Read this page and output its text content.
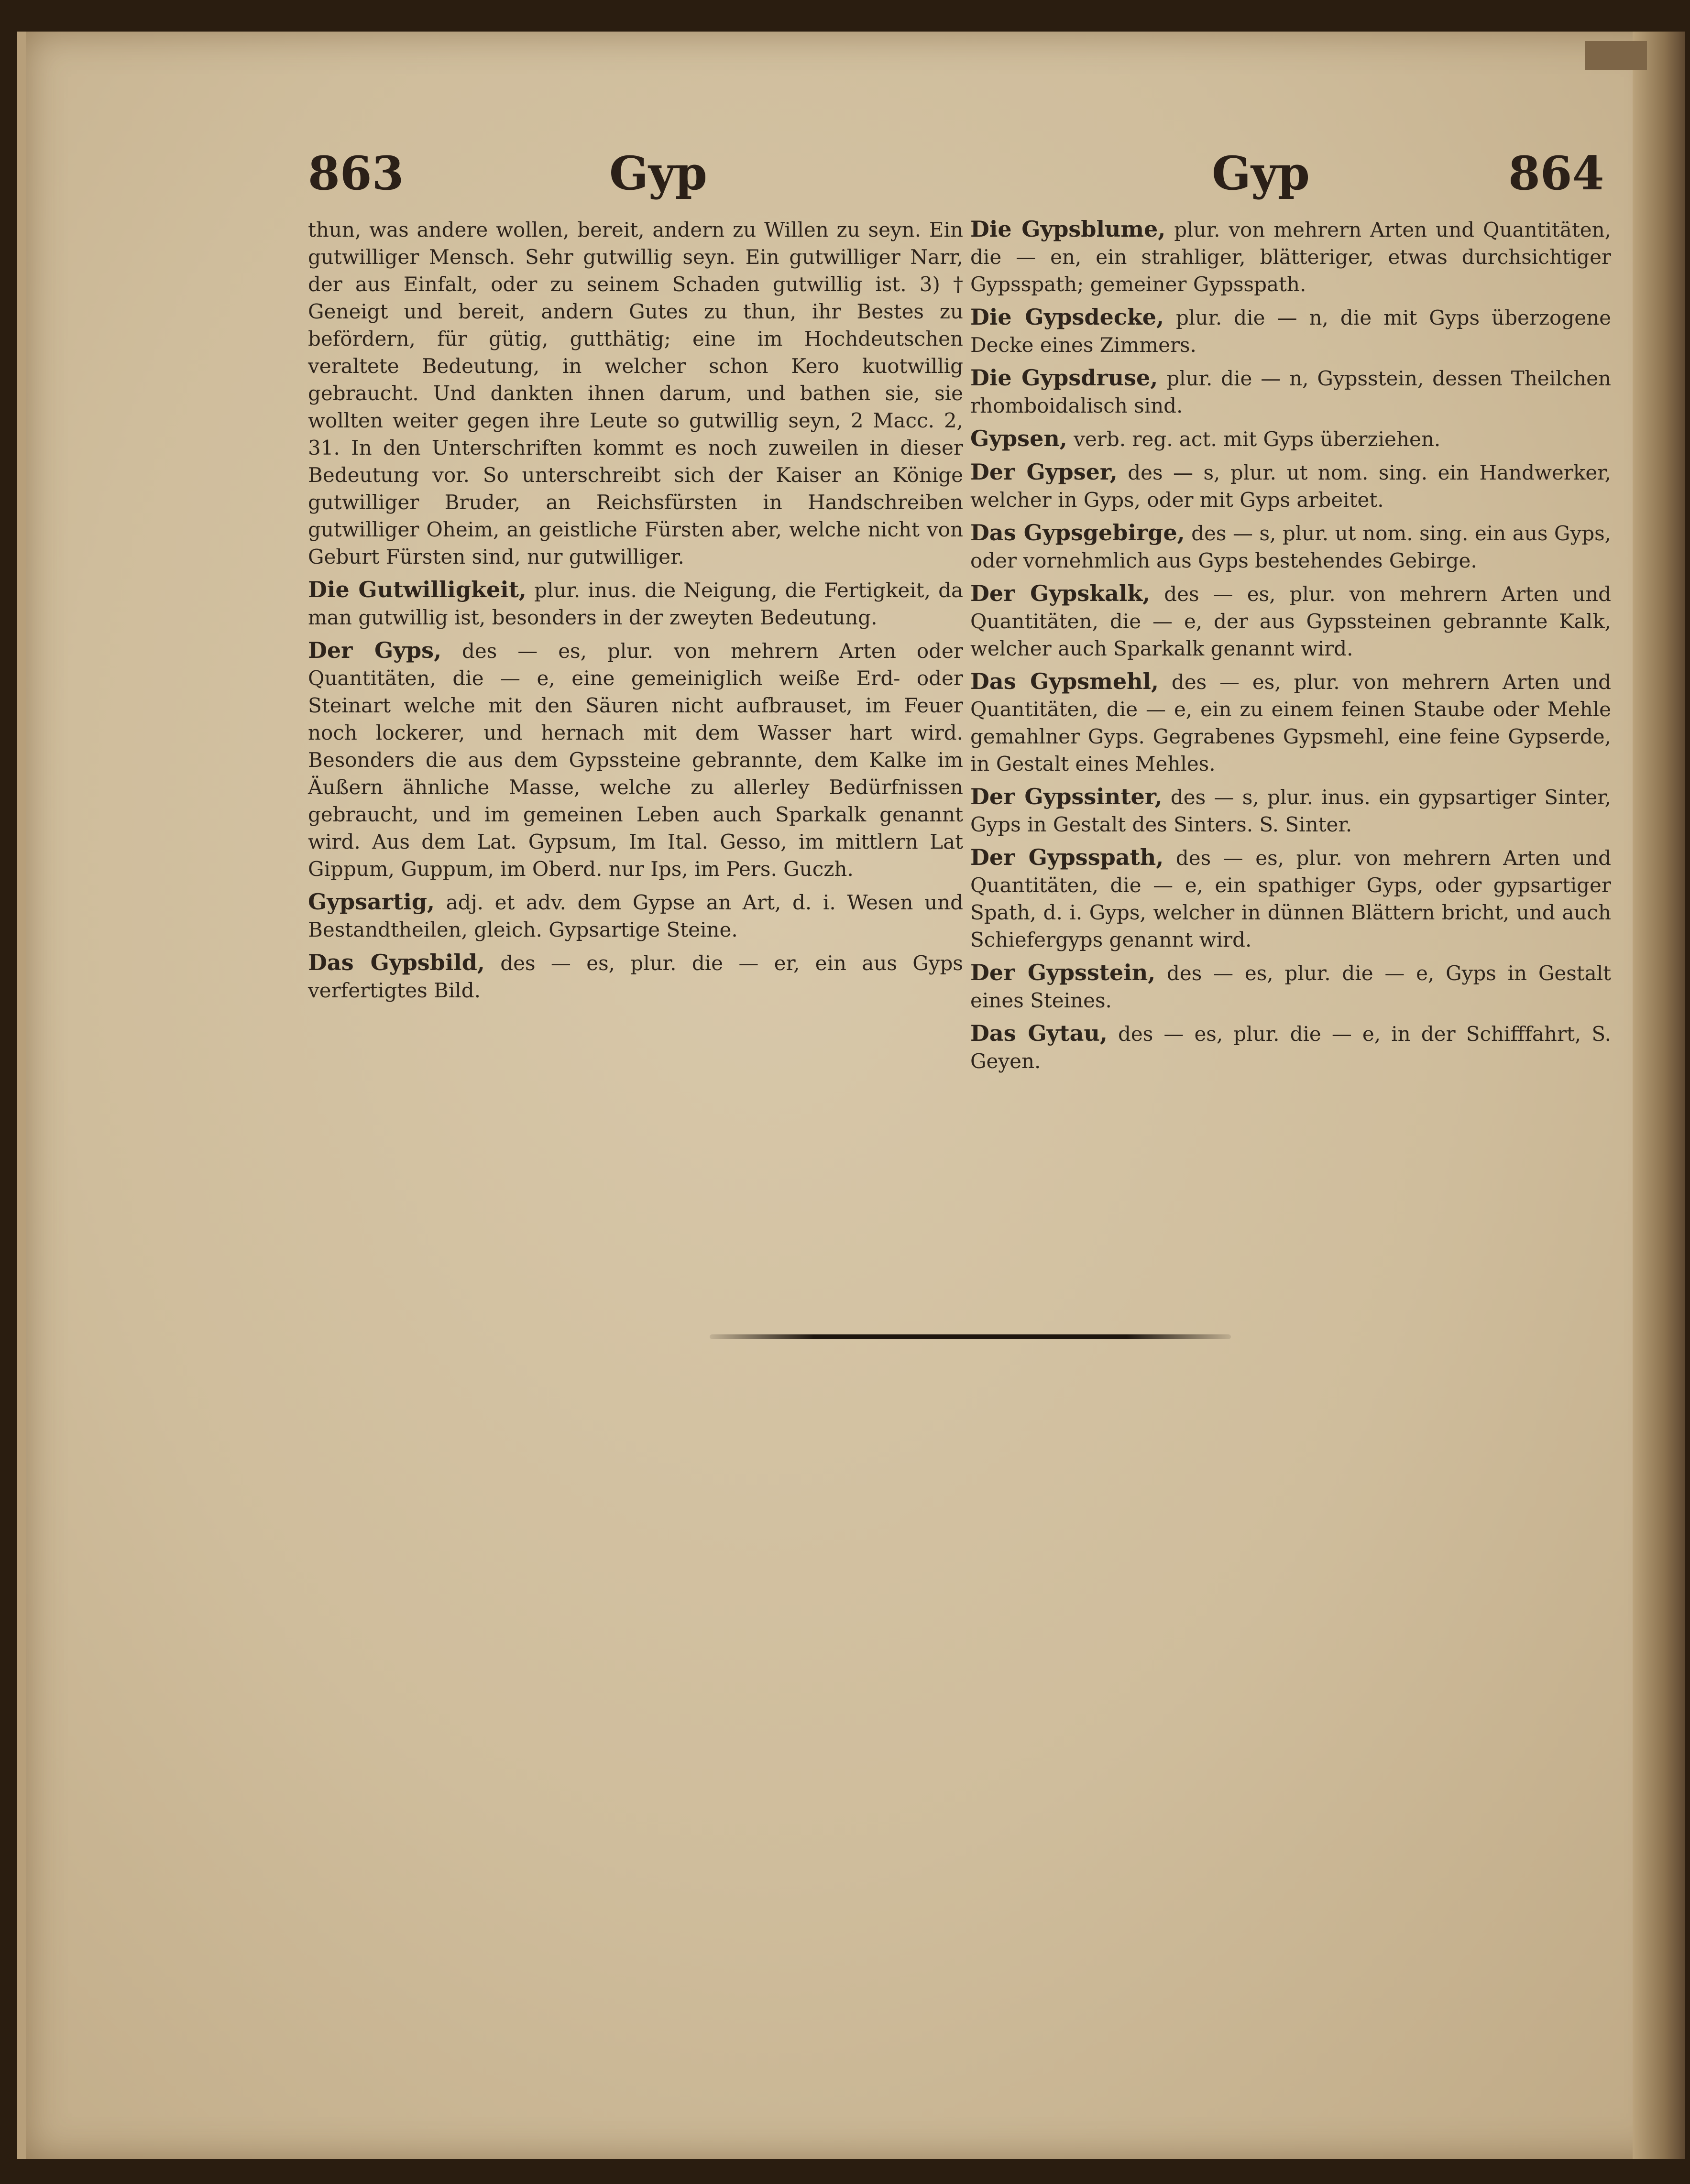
863	Gyp	Gyp	864

thun, was andere wollen, bereit, andern zu Willen zu seyn. Ein gutwilliger Mensch. Sehr gutwillig seyn. Ein gutwilliger Narr, der aus Einfalt, oder zu seinem Schaden gutwillig ist. 3) † Geneigt und bereit, andern Gutes zu thun, ihr Bestes zu befördern, für gütig, gutthätig; eine im Hochdeutschen veraltete Bedeutung, in welcher schon Kero kuotwillig gebraucht. Und dankten ihnen darum, und bathen sie, sie wollten weiter gegen ihre Leute so gutwillig seyn, 2 Macc. 2, 31. In den Unterschriften kommt es noch zuweilen in dieser Bedeutung vor. So unterschreibt sich der Kaiser an Könige gutwilliger Bruder, an Reichsfürsten in Handschreiben gutwilliger Oheim, an geistliche Fürsten aber, welche nicht von Geburt Fürsten sind, nur gutwilliger.

Die Gutwilligkeit, plur. inus. die Neigung, die Fertigkeit, da man gutwillig ist, besonders in der zweyten Bedeutung.

Der Gyps, des — es, plur. von mehrern Arten oder Quantitäten, die — e, eine gemeiniglich weiße Erd- oder Steinart welche mit den Säuren nicht aufbrauset, im Feuer noch lockerer, und hernach mit dem Wasser hart wird. Besonders die aus dem Gypssteine gebrannte, dem Kalke im Äußern ähnliche Masse, welche zu allerley Bedürfnissen gebraucht, und im gemeinen Leben auch Sparkalk genannt wird. Aus dem Lat. Gypsum, Im Ital. Gesso, im mittlern Lat Gippum, Guppum, im Oberd. nur Ips, im Pers. Guczh.

Gypsartig, adj. et adv. dem Gypse an Art, d. i. Wesen und Bestandtheilen, gleich. Gypsartige Steine.

Das Gypsbild, des — es, plur. die — er, ein aus Gyps verfertigtes Bild.

Die Gypsblume, plur. von mehrern Arten und Quantitäten, die — en, ein strahliger, blätteriger, etwas durchsichtiger Gypsspath; gemeiner Gypsspath.

Die Gypsdecke, plur. die — n, die mit Gyps überzogene Decke eines Zimmers.

Die Gypsdruse, plur. die — n, Gypsstein, dessen Theilchen rhomboidalisch sind.

Gypsen, verb. reg. act. mit Gyps überziehen.

Der Gypser, des — s, plur. ut nom. sing. ein Handwerker, welcher in Gyps, oder mit Gyps arbeitet.

Das Gypsgebirge, des — s, plur. ut nom. sing. ein aus Gyps, oder vornehmlich aus Gyps bestehendes Gebirge.

Der Gypskalk, des — es, plur. von mehrern Arten und Quantitäten, die — e, der aus Gypssteinen gebrannte Kalk, welcher auch Sparkalk genannt wird.

Das Gypsmehl, des — es, plur. von mehrern Arten und Quantitäten, die — e, ein zu einem feinen Staube oder Mehle gemahlner Gyps. Gegrabenes Gypsmehl, eine feine Gypserde, in Gestalt eines Mehles.

Der Gypssinter, des — s, plur. inus. ein gypsartiger Sinter, Gyps in Gestalt des Sinters. S. Sinter.

Der Gypsspath, des — es, plur. von mehrern Arten und Quantitäten, die — e, ein spathiger Gyps, oder gypsartiger Spath, d. i. Gyps, welcher in dünnen Blättern bricht, und auch Schiefergyps genannt wird.

Der Gypsstein, des — es, plur. die — e, Gyps in Gestalt eines Steines.

Das Gytau, des — es, plur. die — e, in der Schifffahrt, S. Geyen.
